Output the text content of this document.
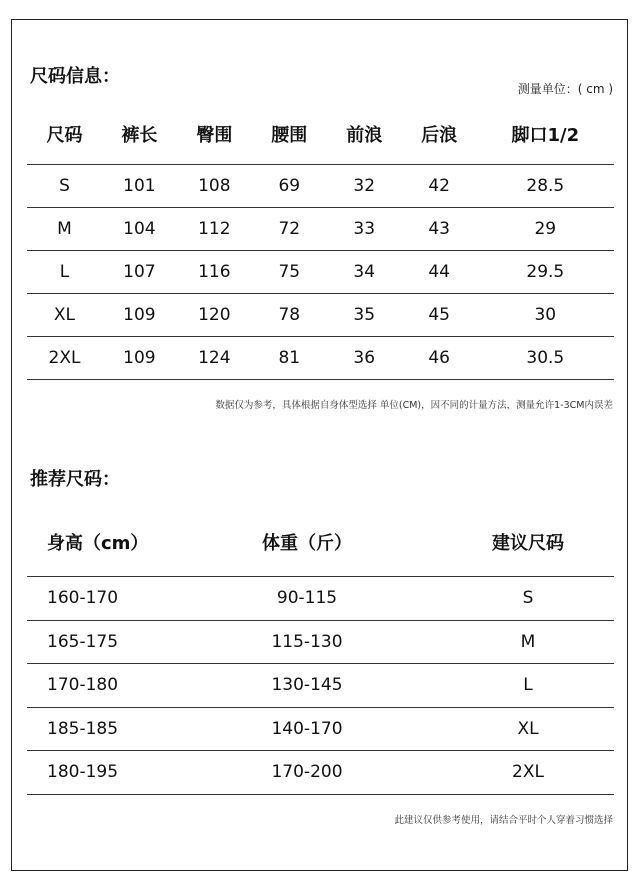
尺码信息：
测量单位：( cm )
尺码	裤长	臀围	腰围	前浪	后浪	脚口1/2
S	101	108	69	32	42	28.5
M	104	112	72	33	43	29
L	107	116	75	34	44	29.5
XL	109	120	78	35	45	30
2XL	109	124	81	36	46	30.5
数据仅为参考，具体根据自身体型选择 单位(CM)，因不同的计量方法，测量允许1-3CM内误差
推荐尺码：
身高（cm）	体重（斤）	建议尺码
160-170	90-115	S
165-175	115-130	M
170-180	130-145	L
185-185	140-170	XL
180-195	170-200	2XL
此建议仅供参考使用，请结合平时个人穿着习惯选择
